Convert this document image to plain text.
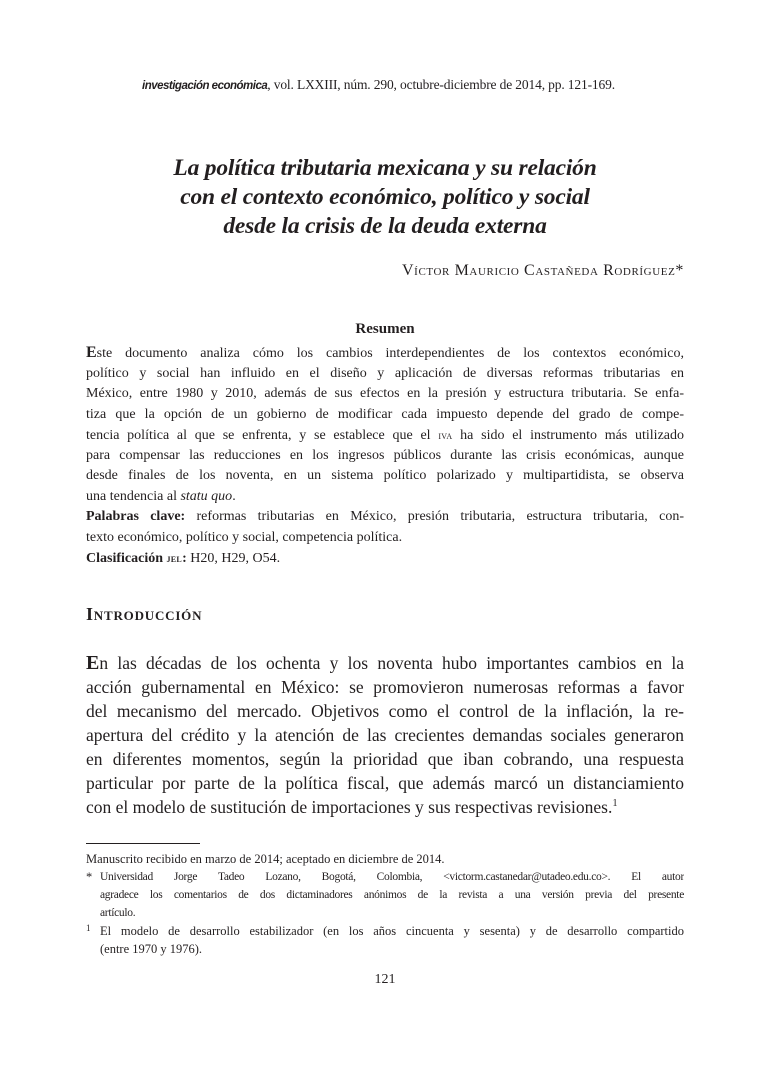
investigación económica, vol. LXXIII, núm. 290, octubre-diciembre de 2014, pp. 121-169.
La política tributaria mexicana y su relación
con el contexto económico, político y social
desde la crisis de la deuda externa
Víctor Mauricio Castañeda Rodríguez*
Resumen
Este documento analiza cómo los cambios interdependientes de los contextos económico,
político y social han influido en el diseño y aplicación de diversas reformas tributarias en
México, entre 1980 y 2010, además de sus efectos en la presión y estructura tributaria. Se enfa-
tiza que la opción de un gobierno de modificar cada impuesto depende del grado de compe-
tencia política al que se enfrenta, y se establece que el iva ha sido el instrumento más utilizado
para compensar las reducciones en los ingresos públicos durante las crisis económicas, aunque
desde finales de los noventa, en un sistema político polarizado y multipartidista, se observa
una tendencia al statu quo.
Palabras clave: reformas tributarias en México, presión tributaria, estructura tributaria, con-
texto económico, político y social, competencia política.
Clasificación jel: H20, H29, O54.
Introducción
En las décadas de los ochenta y los noventa hubo importantes cambios en la
acción gubernamental en México: se promovieron numerosas reformas a favor
del mecanismo del mercado. Objetivos como el control de la inflación, la re-
apertura del crédito y la atención de las crecientes demandas sociales generaron
en diferentes momentos, según la prioridad que iban cobrando, una respuesta
particular por parte de la política fiscal, que además marcó un distanciamiento
con el modelo de sustitución de importaciones y sus respectivas revisiones.$^1$
Manuscrito recibido en marzo de 2014; aceptado en diciembre de 2014.
* Universidad Jorge Tadeo Lozano, Bogotá, Colombia, <victorm.castanedar@utadeo.edu.co>. El autor
agradece los comentarios de dos dictaminadores anónimos de la revista a una versión previa del presente
artículo.
1 El modelo de desarrollo estabilizador (en los años cincuenta y sesenta) y de desarrollo compartido
(entre 1970 y 1976).
121
